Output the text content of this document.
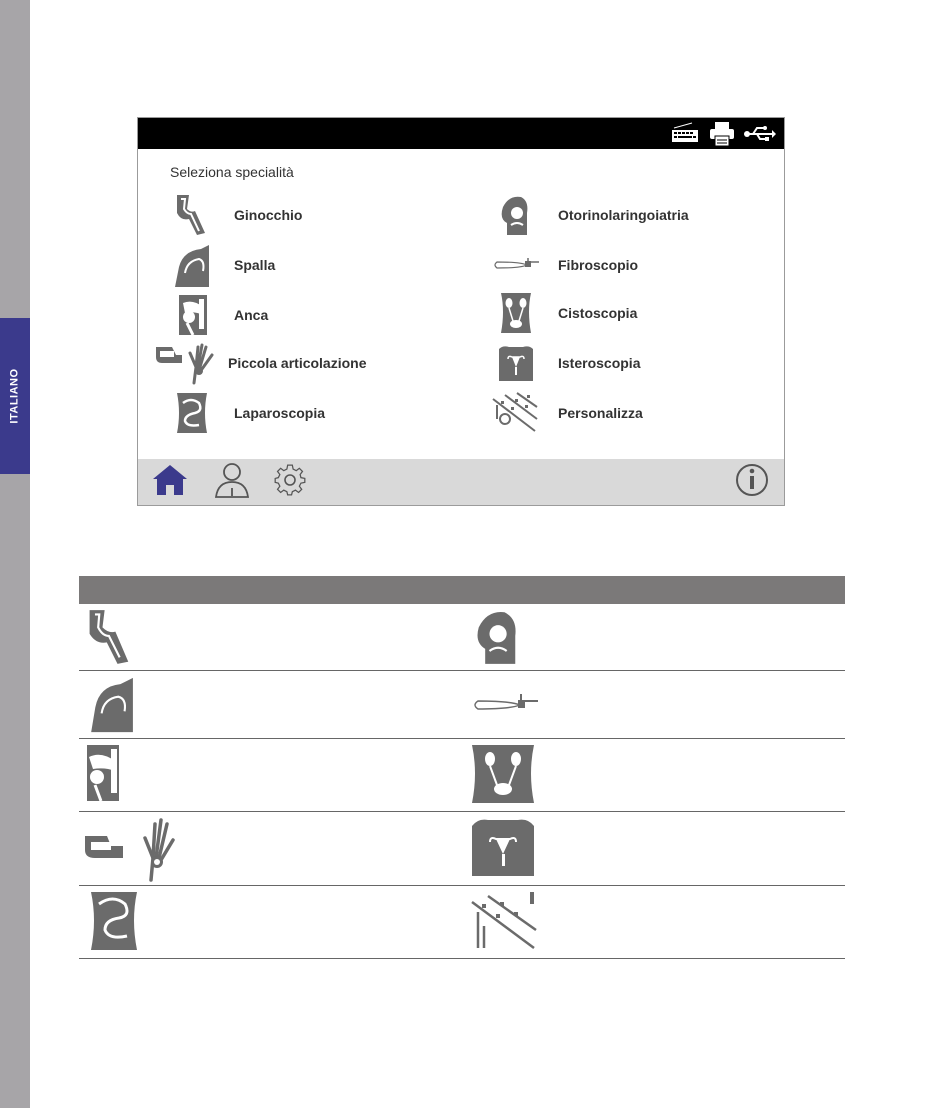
ITALIANO
Seleziona specialità
Ginocchio
Spalla
Anca
Piccola articolazione
Laparoscopia
Otorinolaringoiatria
Fibroscopio
Cistoscopia
Isteroscopia
Personalizza
